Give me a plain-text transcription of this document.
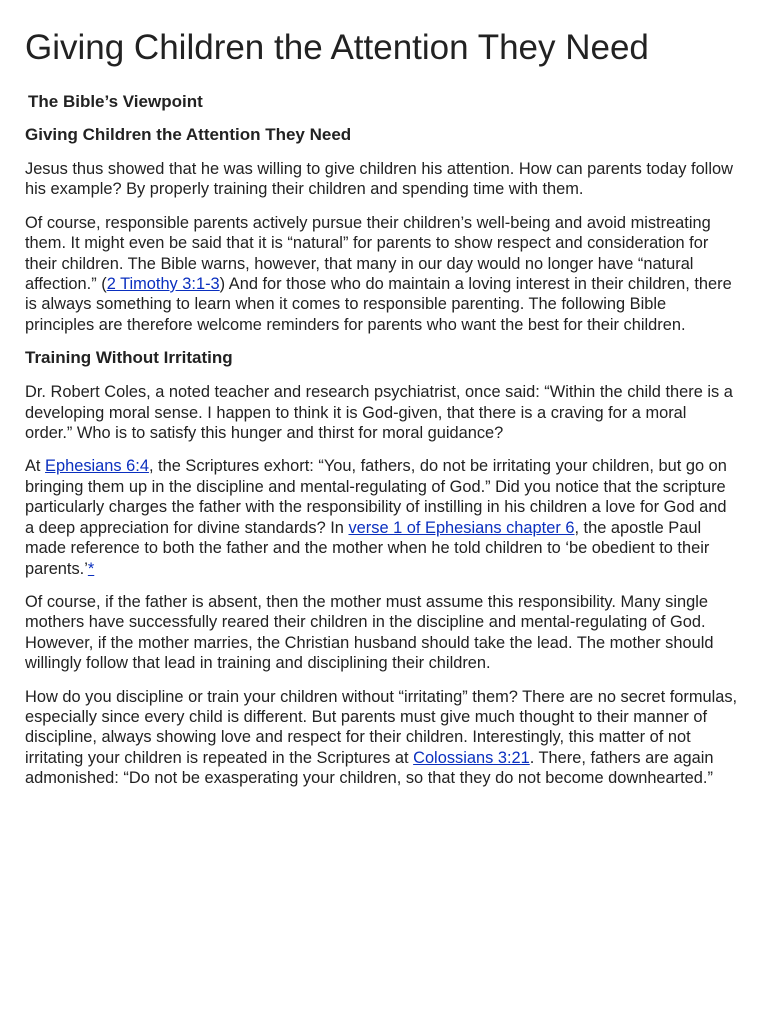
Giving Children the Attention They Need
The Bible’s Viewpoint
Giving Children the Attention They Need

Jesus thus showed that he was willing to give children his attention. How can parents today follow his example? By properly training their children and spending time with them.

Of course, responsible parents actively pursue their children’s well-being and avoid mistreating them. It might even be said that it is “natural” for parents to show respect and consideration for their children. The Bible warns, however, that many in our day would no longer have “natural affection.” (2 Timothy 3:1-3) And for those who do maintain a loving interest in their children, there is always something to learn when it comes to responsible parenting. The following Bible principles are therefore welcome reminders for parents who want the best for their children.

Training Without Irritating

Dr. Robert Coles, a noted teacher and research psychiatrist, once said: “Within the child there is a developing moral sense. I happen to think it is God-given, that there is a craving for a moral order.” Who is to satisfy this hunger and thirst for moral guidance?

At Ephesians 6:4, the Scriptures exhort: “You, fathers, do not be irritating your children, but go on bringing them up in the discipline and mental-regulating of God.” Did you notice that the scripture particularly charges the father with the responsibility of instilling in his children a love for God and a deep appreciation for divine standards? In verse 1 of Ephesians chapter 6, the apostle Paul made reference to both the father and the mother when he told children to ‘be obedient to their parents.’*

Of course, if the father is absent, then the mother must assume this responsibility. Many single mothers have successfully reared their children in the discipline and mental-regulating of God. However, if the mother marries, the Christian husband should take the lead. The mother should willingly follow that lead in training and disciplining their children.

How do you discipline or train your children without “irritating” them? There are no secret formulas, especially since every child is different. But parents must give much thought to their manner of discipline, always showing love and respect for their children. Interestingly, this matter of not irritating your children is repeated in the Scriptures at Colossians 3:21. There, fathers are again admonished: “Do not be exasperating your children, so that they do not become downhearted.”
